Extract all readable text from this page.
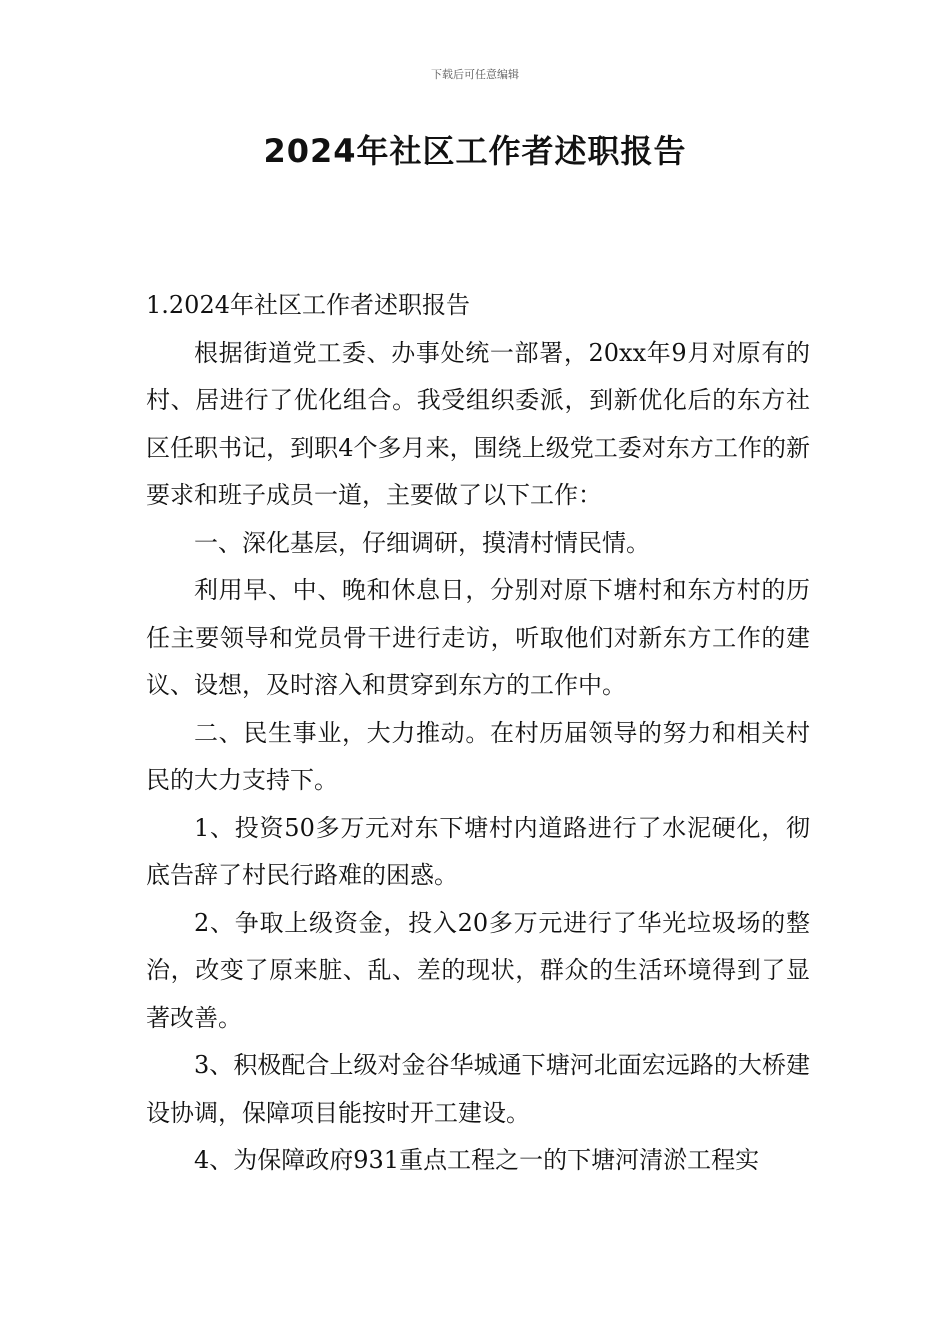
下载后可任意编辑
2024年社区工作者述职报告

1.2024年社区工作者述职报告

根据街道党工委、办事处统一部署，20xx年9月对原有的村、居进行了优化组合。我受组织委派，到新优化后的东方社区任职书记，到职4个多月来，围绕上级党工委对东方工作的新要求和班子成员一道，主要做了以下工作：

一、深化基层，仔细调研，摸清村情民情。

利用早、中、晚和休息日，分别对原下塘村和东方村的历任主要领导和党员骨干进行走访，听取他们对新东方工作的建议、设想，及时溶入和贯穿到东方的工作中。

二、民生事业，大力推动。在村历届领导的努力和相关村民的大力支持下。

1、投资50多万元对东下塘村内道路进行了水泥硬化，彻底告辞了村民行路难的困惑。

2、争取上级资金，投入20多万元进行了华光垃圾场的整治，改变了原来脏、乱、差的现状，群众的生活环境得到了显著改善。

3、积极配合上级对金谷华城通下塘河北面宏远路的大桥建设协调，保障项目能按时开工建设。

4、为保障政府931重点工程之一的下塘河清淤工程实
